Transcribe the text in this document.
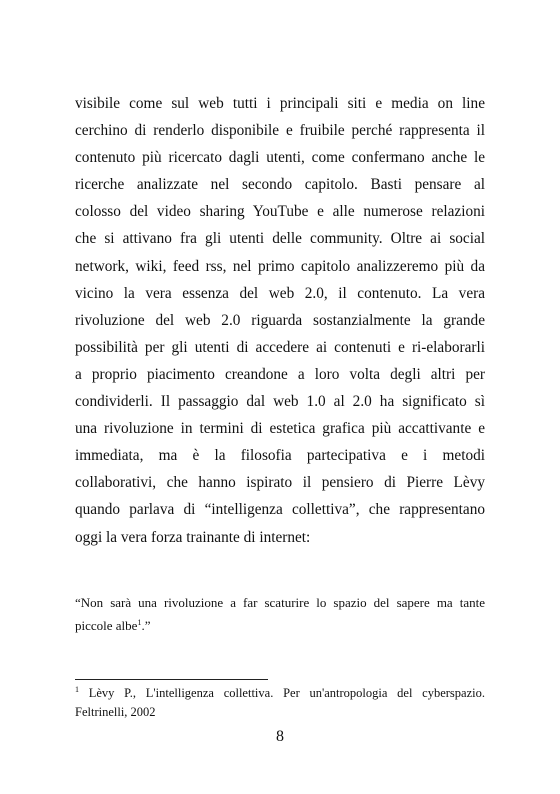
visibile come sul web tutti i principali siti e media on line
cerchino di renderlo disponibile e fruibile perché rappresenta il
contenuto più ricercato dagli utenti, come confermano anche le
ricerche analizzate nel secondo capitolo. Basti pensare al
colosso del video sharing YouTube e alle numerose relazioni
che si attivano fra gli utenti delle community. Oltre ai social
network, wiki, feed rss, nel primo capitolo analizzeremo più da
vicino la vera essenza del web 2.0, il contenuto. La vera
rivoluzione del web 2.0 riguarda sostanzialmente la grande
possibilità per gli utenti di accedere ai contenuti e ri-elaborarli
a proprio piacimento creandone a loro volta degli altri per
condividerli. Il passaggio dal web 1.0 al 2.0 ha significato sì
una rivoluzione in termini di estetica grafica più accattivante e
immediata, ma è la filosofia partecipativa e i metodi
collaborativi, che hanno ispirato il pensiero di Pierre Lèvy
quando parlava di “intelligenza collettiva”, che rappresentano
oggi la vera forza trainante di internet:
“Non sarà una rivoluzione a far scaturire lo spazio del sapere ma tante
piccole albe$^1$.”
$^1$ Lèvy P., L'intelligenza collettiva. Per un'antropologia del cyberspazio.
Feltrinelli, 2002
8
